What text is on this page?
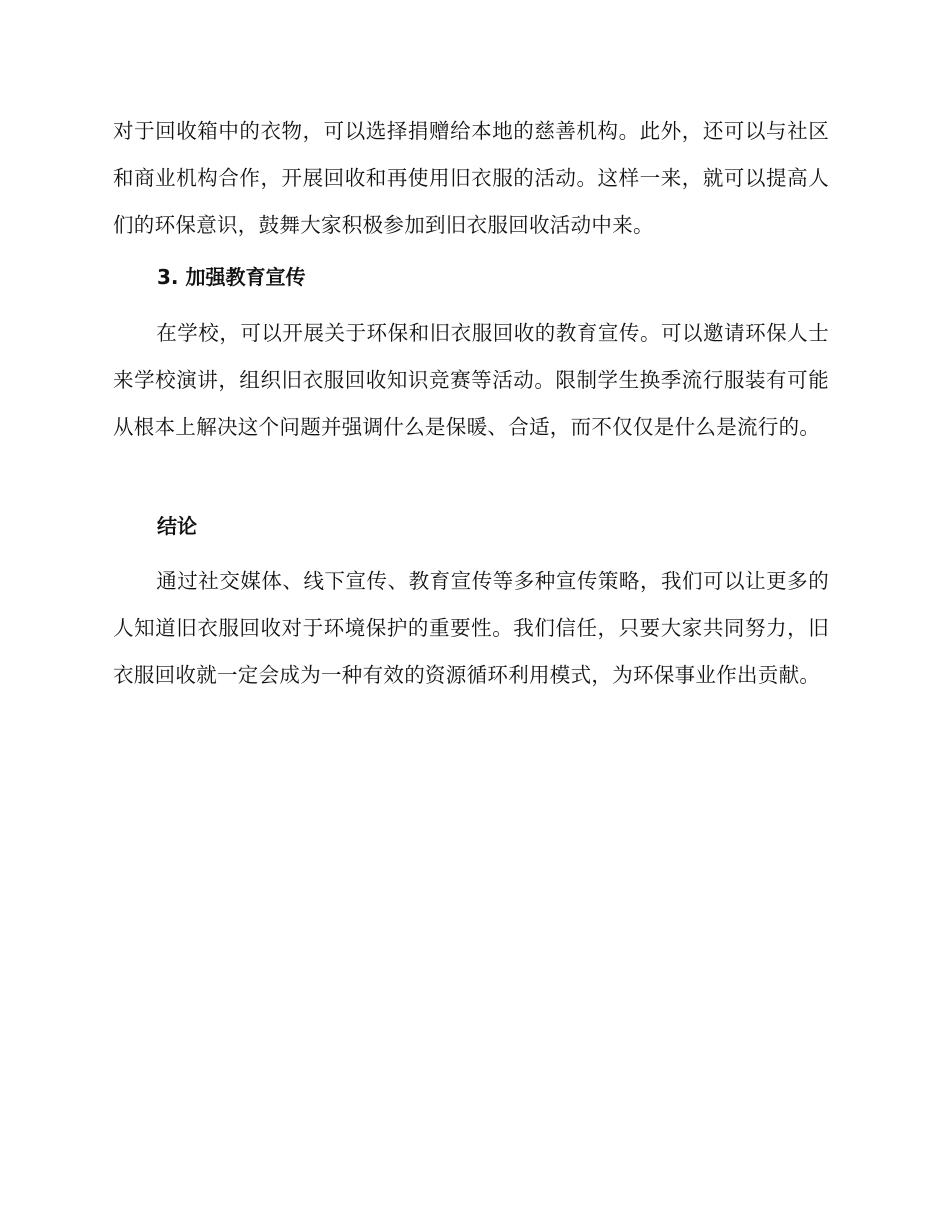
对于回收箱中的衣物，可以选择捐赠给本地的慈善机构。此外，还可以与社区和商业机构合作，开展回收和再使用旧衣服的活动。这样一来，就可以提高人们的环保意识，鼓舞大家积极参加到旧衣服回收活动中来。

3. 加强教育宣传

在学校，可以开展关于环保和旧衣服回收的教育宣传。可以邀请环保人士来学校演讲，组织旧衣服回收知识竞赛等活动。限制学生换季流行服装有可能从根本上解决这个问题并强调什么是保暖、合适，而不仅仅是什么是流行的。

结论

通过社交媒体、线下宣传、教育宣传等多种宣传策略，我们可以让更多的人知道旧衣服回收对于环境保护的重要性。我们信任，只要大家共同努力，旧衣服回收就一定会成为一种有效的资源循环利用模式，为环保事业作出贡献。
